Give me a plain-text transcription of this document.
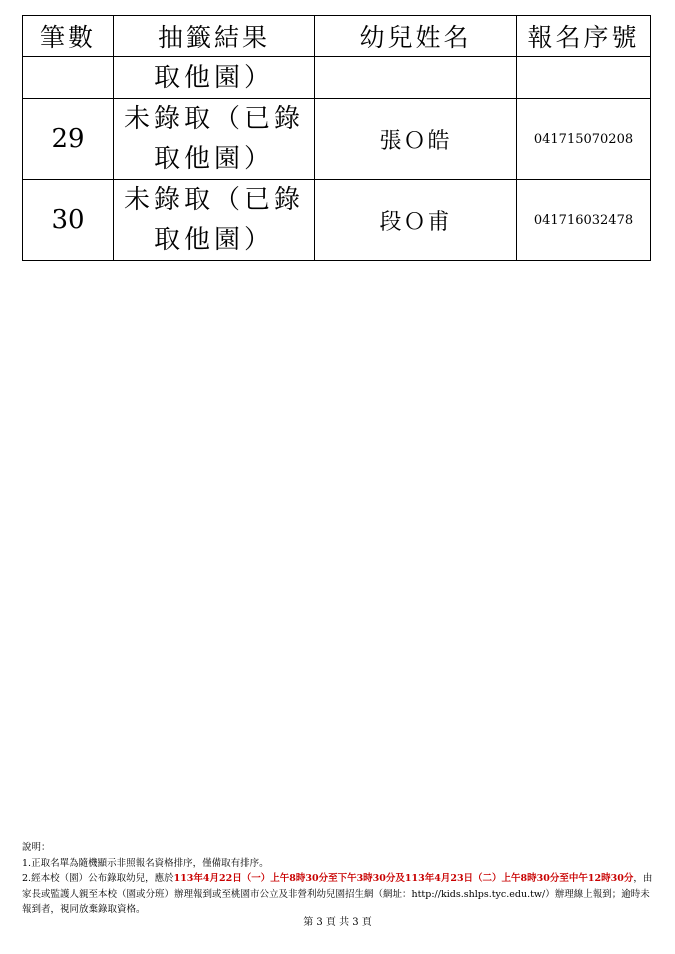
筆數	抽籤結果	幼兒姓名	報名序號
	取他園）		
29	未錄取（已錄取他園）	張Ｏ皓	041715070208
30	未錄取（已錄取他園）	段Ｏ甫	041716032478
說明：
1.正取名單為隨機顯示非照報名資格排序，僅備取有排序。
2.經本校（園）公布錄取幼兒，應於113年4月22日（一）上午8時30分至下午3時30分及113年4月23日（二）上午8時30分至中午12時30分，由家長或監護人親至本校（園或分班）辦理報到或至桃園市公立及非營利幼兒園招生網（網址：http://kids.shlps.tyc.edu.tw/）辦理線上報到；逾時未報到者，視同放棄錄取資格。
第 3 頁 共 3 頁
